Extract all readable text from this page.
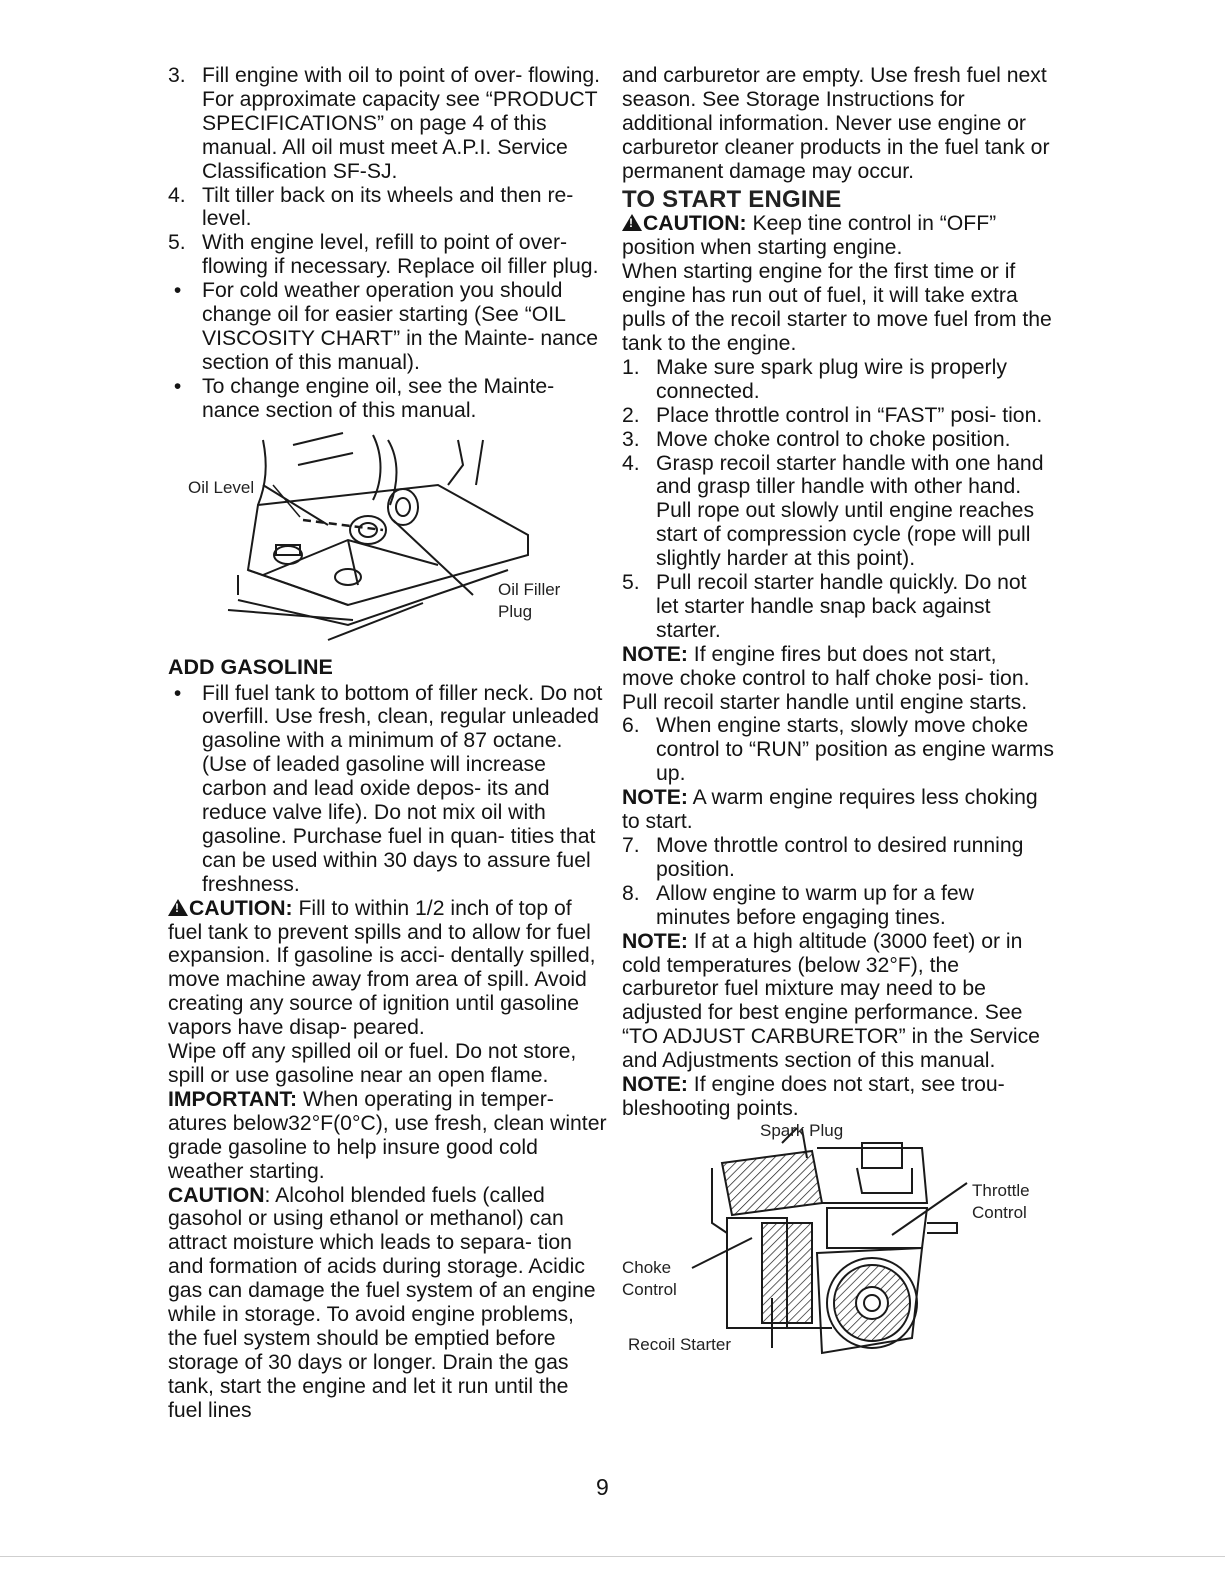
3. Fill engine with oil to point of over- flowing. For approximate capacity see “PRODUCT SPECIFICATIONS” on page 4 of this manual. All oil must meet A.P.I. Service Classification SF-SJ.
4. Tilt tiller back on its wheels and then re-level.
5. With engine level, refill to point of over- flowing if necessary. Replace oil filler plug.
• For cold weather operation you should change oil for easier starting (See “OIL VISCOSITY CHART” in the Mainte- nance section of this manual).
• To change engine oil, see the Mainte- nance section of this manual.
Oil Level
Oil Filler
Plug

ADD GASOLINE

• Fill fuel tank to bottom of filler neck. Do not overfill. Use fresh, clean, regular unleaded gasoline with a minimum of 87 octane. (Use of leaded gasoline will increase carbon and lead oxide depos- its and reduce valve life). Do not mix oil with gasoline. Purchase fuel in quan- tities that can be used within 30 days to assure fuel freshness.

!CAUTION: Fill to within 1/2 inch of top of fuel tank to prevent spills and to allow for fuel expansion. If gasoline is acci- dentally spilled, move machine away from area of spill. Avoid creating any source of ignition until gasoline vapors have disap- peared.

Wipe off any spilled oil or fuel. Do not store, spill or use gasoline near an open flame.

IMPORTANT: When operating in temper- atures below32°F(0°C), use fresh, clean winter grade gasoline to help insure good cold weather starting.

CAUTION: Alcohol blended fuels (called gasohol or using ethanol or methanol) can attract moisture which leads to separa- tion and formation of acids during storage. Acidic gas can damage the fuel system of an engine while in storage. To avoid engine problems, the fuel system should be emptied before storage of 30 days or longer. Drain the gas tank, start the engine and let it run until the fuel lines

and carburetor are empty. Use fresh fuel next season. See Storage Instructions for additional information. Never use engine or carburetor cleaner products in the fuel tank or permanent damage may occur.

TO START ENGINE

!CAUTION: Keep tine control in “OFF” position when starting engine.

When starting engine for the first time or if engine has run out of fuel, it will take extra pulls of the recoil starter to move fuel from the tank to the engine.

1. Make sure spark plug wire is properly connected.
2. Place throttle control in “FAST” posi- tion.
3. Move choke control to choke position.
4. Grasp recoil starter handle with one hand and grasp tiller handle with other hand. Pull rope out slowly until engine reaches start of compression cycle (rope will pull slightly harder at this point).
5. Pull recoil starter handle quickly. Do not let starter handle snap back against starter.

NOTE: If engine fires but does not start, move choke control to half choke posi- tion. Pull recoil starter handle until engine starts.

6. When engine starts, slowly move choke control to “RUN” position as engine warms up.

NOTE: A warm engine requires less choking to start.

7. Move throttle control to desired running position.
8. Allow engine to warm up for a few minutes before engaging tines.

NOTE: If at a high altitude (3000 feet) or in cold temperatures (below 32°F), the carburetor fuel mixture may need to be adjusted for best engine performance. See “TO ADJUST CARBURETOR” in the Service and Adjustments section of this manual.

NOTE: If engine does not start, see trou- bleshooting points.

Spark Plug
Throttle
Control
Choke
Control
Recoil Starter
9
